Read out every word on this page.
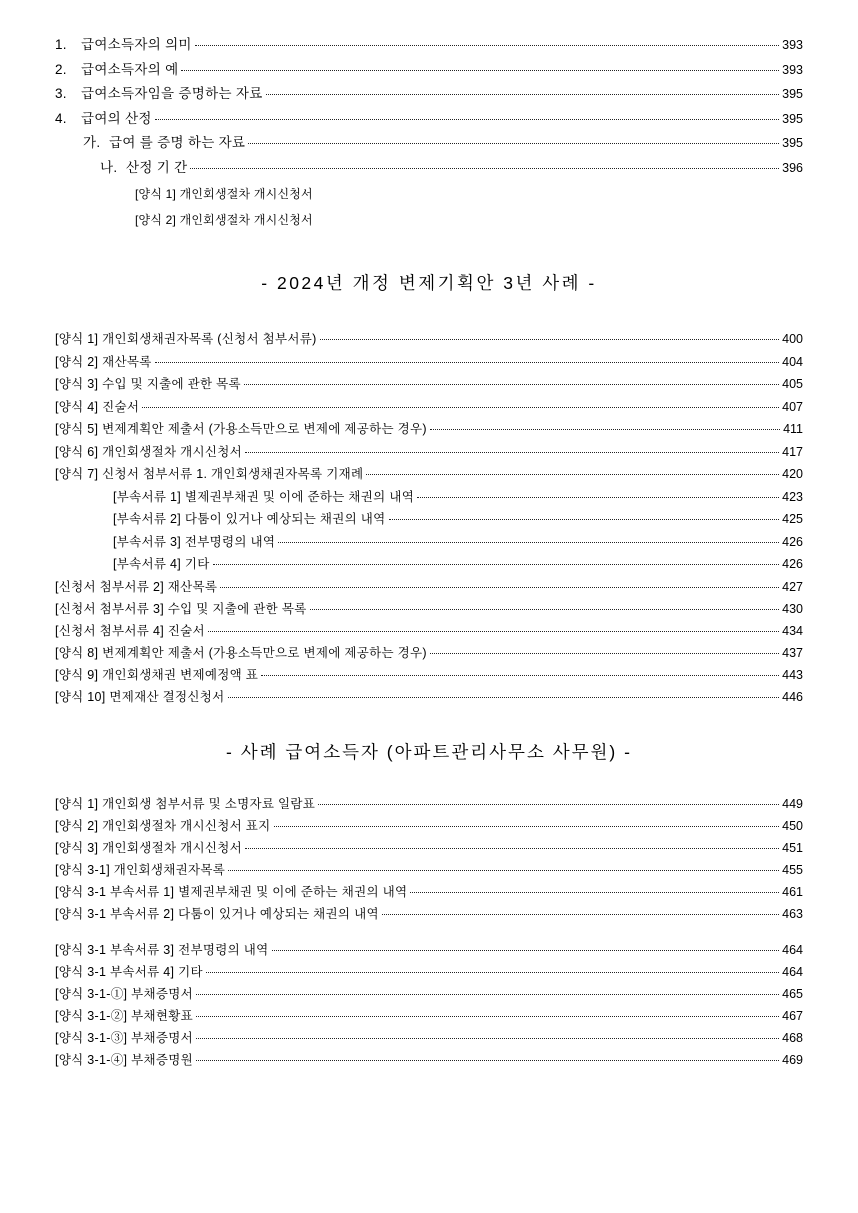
1. 급여소득자의 의미	393
2. 급여소득자의 예	393
3. 급여소득자임을 증명하는 자료	395
4. 급여의 산정	395
가. 급여 를 증명 하는 자료	395
나. 산정 기 간	396
[양식 1] 개인회생절차 개시신청서
[양식 2] 개인회생절차 개시신청서
- 2024년 개정 변제기획안 3년 사례 -
[양식 1] 개인회생채권자목록 (신청서 첨부서류)	400
[양식 2] 재산목록	404
[양식 3] 수입 및 지출에 관한 목록	405
[양식 4] 진술서	407
[양식 5] 변제계획안 제출서 (가용소득만으로 변제에 제공하는 경우)	411
[양식 6] 개인회생절차 개시신청서	417
[양식 7] 신청서 첨부서류 1. 개인회생채권자목록 기재례	420
[부속서류 1] 별제권부채권 및 이에 준하는 채권의 내역	423
[부속서류 2] 다툼이 있거나 예상되는 채권의 내역	425
[부속서류 3] 전부명령의 내역	426
[부속서류 4] 기타	426
[신청서 첨부서류 2] 재산목록	427
[신청서 첨부서류 3] 수입 및 지출에 관한 목록	430
[신청서 첨부서류 4] 진술서	434
[양식 8] 변제계획안 제출서 (가용소득만으로 변제에 제공하는 경우)	437
[양식 9] 개인회생채권 변제예정액 표	443
[양식 10] 면제재산 결정신청서	446
- 사례 급여소득자 (아파트관리사무소 사무원) -
[양식 1] 개인회생 첨부서류 및 소명자료 일람표	449
[양식 2] 개인회생절차 개시신청서 표지	450
[양식 3] 개인회생절차 개시신청서	451
[양식 3-1] 개인회생채권자목록	455
[양식 3-1 부속서류 1] 별제권부채권 및 이에 준하는 채권의 내역	461
[양식 3-1 부속서류 2] 다툼이 있거나 예상되는 채권의 내역	463
[양식 3-1 부속서류 3] 전부명령의 내역	464
[양식 3-1 부속서류 4] 기타	464
[양식 3-1-①] 부채증명서	465
[양식 3-1-②] 부채현황표	467
[양식 3-1-③] 부채증명서	468
[양식 3-1-④] 부채증명원	469
